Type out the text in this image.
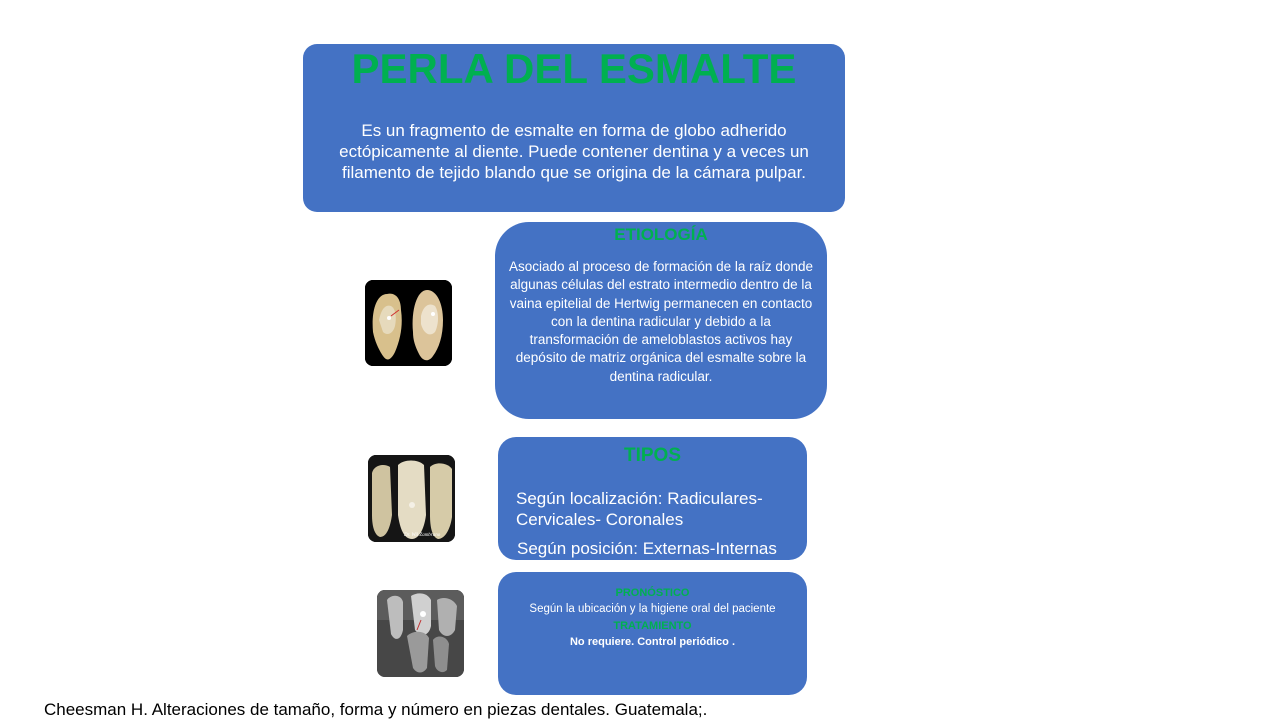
PERLA DEL ESMALTE
Es un fragmento de esmalte en forma de globo adherido ectópicamente al diente. Puede contener dentina y a veces un filamento de tejido blando que se origina de la cámara pulpar.
ETIOLOGÍA
Asociado al proceso de formación de la raíz donde algunas células del estrato intermedio dentro de la vaina epitelial de Hertwig permanecen en contacto con la dentina radicular y debido a la transformación de ameloblastos activos hay depósito de matriz orgánica del esmalte sobre la dentina radicular.
Dr. Wil Zambrano
TIPOS
Según localización: Radiculares-Cervicales- Coronales
Según posición: Externas-Internas
PRONÓSTICO
Según la ubicación y la higiene oral del paciente
TRATAMIENTO
No requiere. Control periódico .
Cheesman H. Alteraciones de tamaño, forma y número en piezas dentales. Guatemala;.
